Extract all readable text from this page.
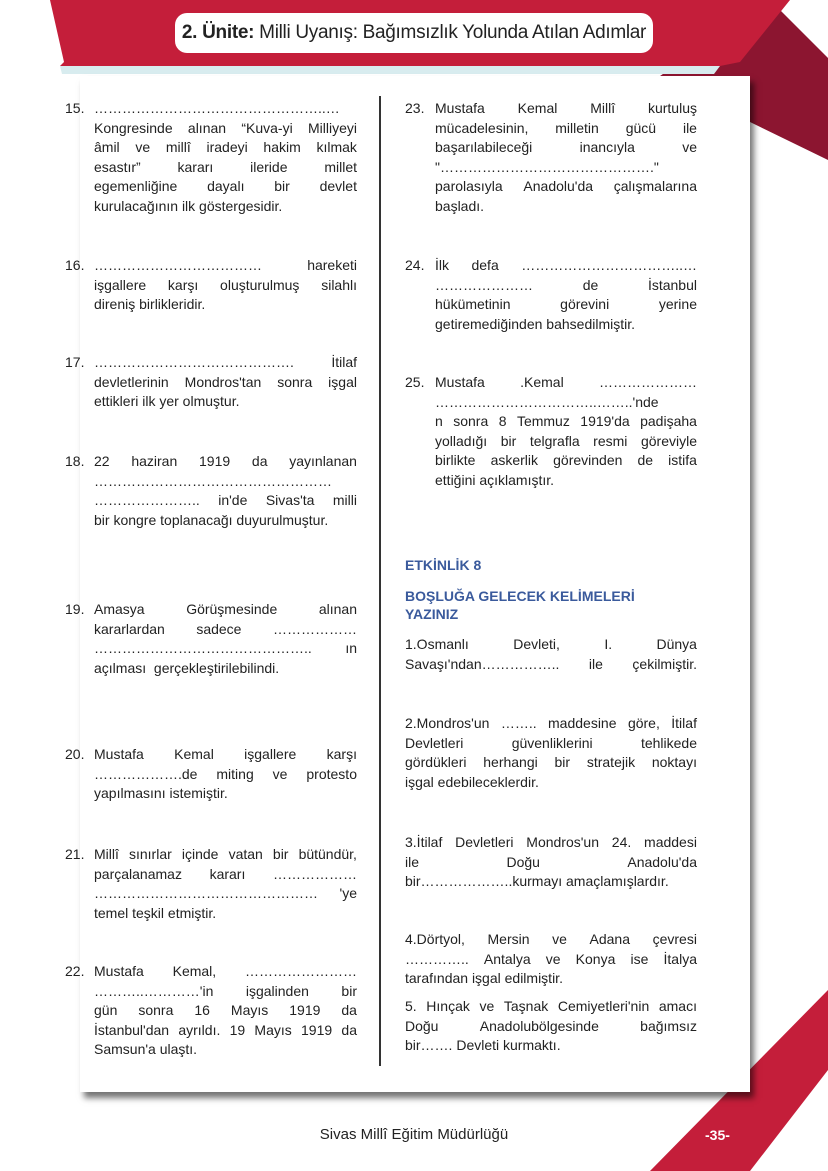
2. Ünite: Milli Uyanış: Bağımsızlık Yolunda Atılan Adımlar
15. …………………………………………..…
Kongresinde alınan “Kuva-yi Milliyeyi
âmil ve millî iradeyi hakim kılmak
esastır”	kararı	ileride	millet
egemenliğine dayalı bir devlet
kurulacağının ilk göstergesidir.
16. ………………………………	hareketi
işgallere karşı oluşturulmuş silahlı
direniş birlikleridir.
17. …………………………………….	İtilaf
devletlerinin Mondros'tan sonra işgal
ettikleri ilk yer olmuştur.
18. 22 haziran 1919 da yayınlanan
……………………………………………
………………….. in'de Sivas'ta milli
bir kongre toplanacağı duyurulmuştur.
19. Amasya	Görüşmesinde	alınan
kararlardan sadece ………………
……………………………………….. ın
açılması  gerçekleştirilebilindi.
20. Mustafa Kemal işgallere karşı
……………….de miting ve protesto
yapılmasını istemiştir.
21. Millî sınırlar içinde vatan bir bütündür,
parçalanamaz kararı ………………
………………………………………… 'ye
temel teşkil etmiştir.
22. Mustafa Kemal, ……………………
………..…………'in işgalinden bir
gün sonra 16 Mayıs 1919 da
İstanbul'dan ayrıldı. 19 Mayıs 1919 da
Samsun'a ulaştı.
23. Mustafa Kemal Millî kurtuluş
mücadelesinin, milletin gücü ile
başarılabileceği	inancıyla	ve
"………………………………………."
parolasıyla Anadolu'da çalışmalarına
başladı.
24. İlk defa ……………………………..…
…………………	de	İstanbul
hükümetinin	görevini	yerine
getiremediğinden bahsedilmiştir.
25. Mustafa	.Kemal	…………………
……………………………..……..'nde
n sonra 8 Temmuz 1919'da padişaha
yolladığı bir telgrafla resmi göreviyle
birlikte askerlik görevinden de istifa
ettiğini açıklamıştır.
ETKİNLİK 8
BOŞLUĞA GELECEK KELİMELERİ
YAZINIZ
1.Osmanlı	Devleti,	I.	Dünya
Savaşı'ndan…………….. ile çekilmiştir.
2.Mondros'un …….. maddesine göre, İtilaf
Devletleri	güvenliklerini	tehlikede
gördükleri herhangi bir stratejik noktayı
işgal edebileceklerdir.
3.İtilaf Devletleri Mondros'un 24. maddesi
ile	Doğu	Anadolu'da
bir………………..kurmayı amaçlamışlardır.
4.Dörtyol, Mersin ve Adana çevresi
………….. Antalya ve Konya ise İtalya
tarafından işgal edilmiştir.
5. Hınçak ve Taşnak Cemiyetleri'nin amacı
Doğu	Anadolubölgesinde	bağımsız
bir……. Devleti kurmaktı.
Sivas Millî Eğitim Müdürlüğü	-35-
